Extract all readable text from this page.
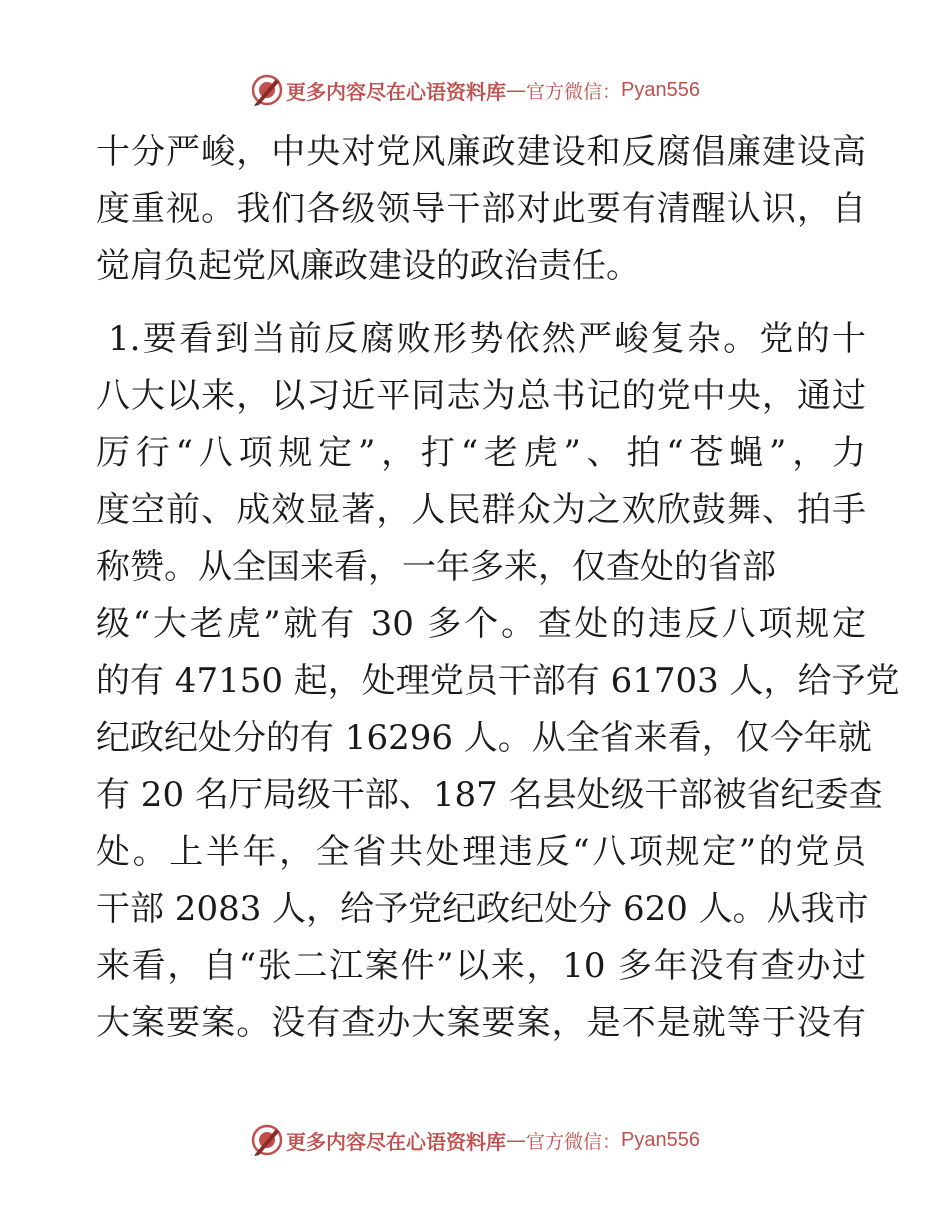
更多内容尽在心语资料库 — 官方微信： Pyan556
十分严峻，中央对党风廉政建设和反腐倡廉建设高
度重视。我们各级领导干部对此要有清醒认识，自
觉肩负起党风廉政建设的政治责任。
1.要看到当前反腐败形势依然严峻复杂。党的十
八大以来，以习近平同志为总书记的党中央，通过
厉行“八项规定”，打“老虎”、拍“苍蝇”，力
度空前、成效显著，人民群众为之欢欣鼓舞、拍手
称赞。从全国来看，一年多来，仅查处的省部
级“大老虎”就有 30 多个。查处的违反八项规定
的有 47150 起，处理党员干部有 61703 人，给予党
纪政纪处分的有 16296 人。从全省来看，仅今年就
有 20 名厅局级干部、187 名县处级干部被省纪委查
处。上半年，全省共处理违反“八项规定”的党员
干部 2083 人，给予党纪政纪处分 620 人。从我市
来看，自“张二江案件”以来，10 多年没有查办过
大案要案。没有查办大案要案，是不是就等于没有
更多内容尽在心语资料库 — 官方微信： Pyan556
